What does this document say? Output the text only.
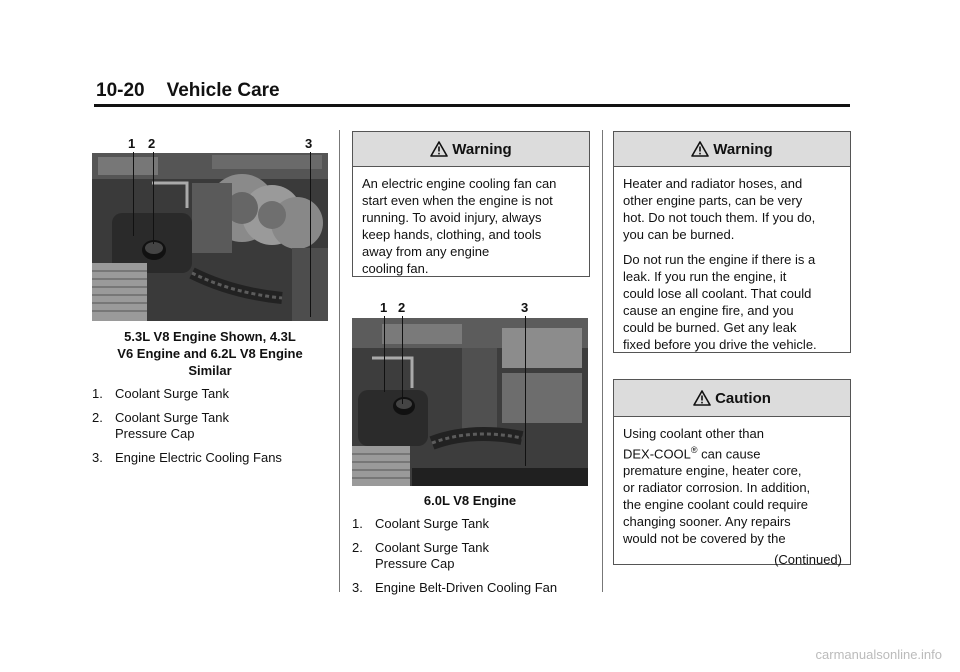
10-20 Vehicle Care
1 2	3
5.3L V8 Engine Shown, 4.3L
V6 Engine and 6.2L V8 Engine
Similar
1. Coolant Surge Tank
2. Coolant Surge Tank
Pressure Cap
3. Engine Electric Cooling Fans
Warning
An electric engine cooling fan can
start even when the engine is not
running. To avoid injury, always
keep hands, clothing, and tools
away from any engine
cooling fan.
1 2	3
6.0L V8 Engine
1. Coolant Surge Tank
2. Coolant Surge Tank
Pressure Cap
3. Engine Belt-Driven Cooling Fan
Warning

Heater and radiator hoses, and
other engine parts, can be very
hot. Do not touch them. If you do,
you can be burned.

Do not run the engine if there is a
leak. If you run the engine, it
could lose all coolant. That could
cause an engine fire, and you
could be burned. Get any leak
fixed before you drive the vehicle.

Caution
Using coolant other than
DEX-COOL® can cause
premature engine, heater core,
or radiator corrosion. In addition,
the engine coolant could require
changing sooner. Any repairs
would not be covered by the
(Continued)
carmanualsonline.info
